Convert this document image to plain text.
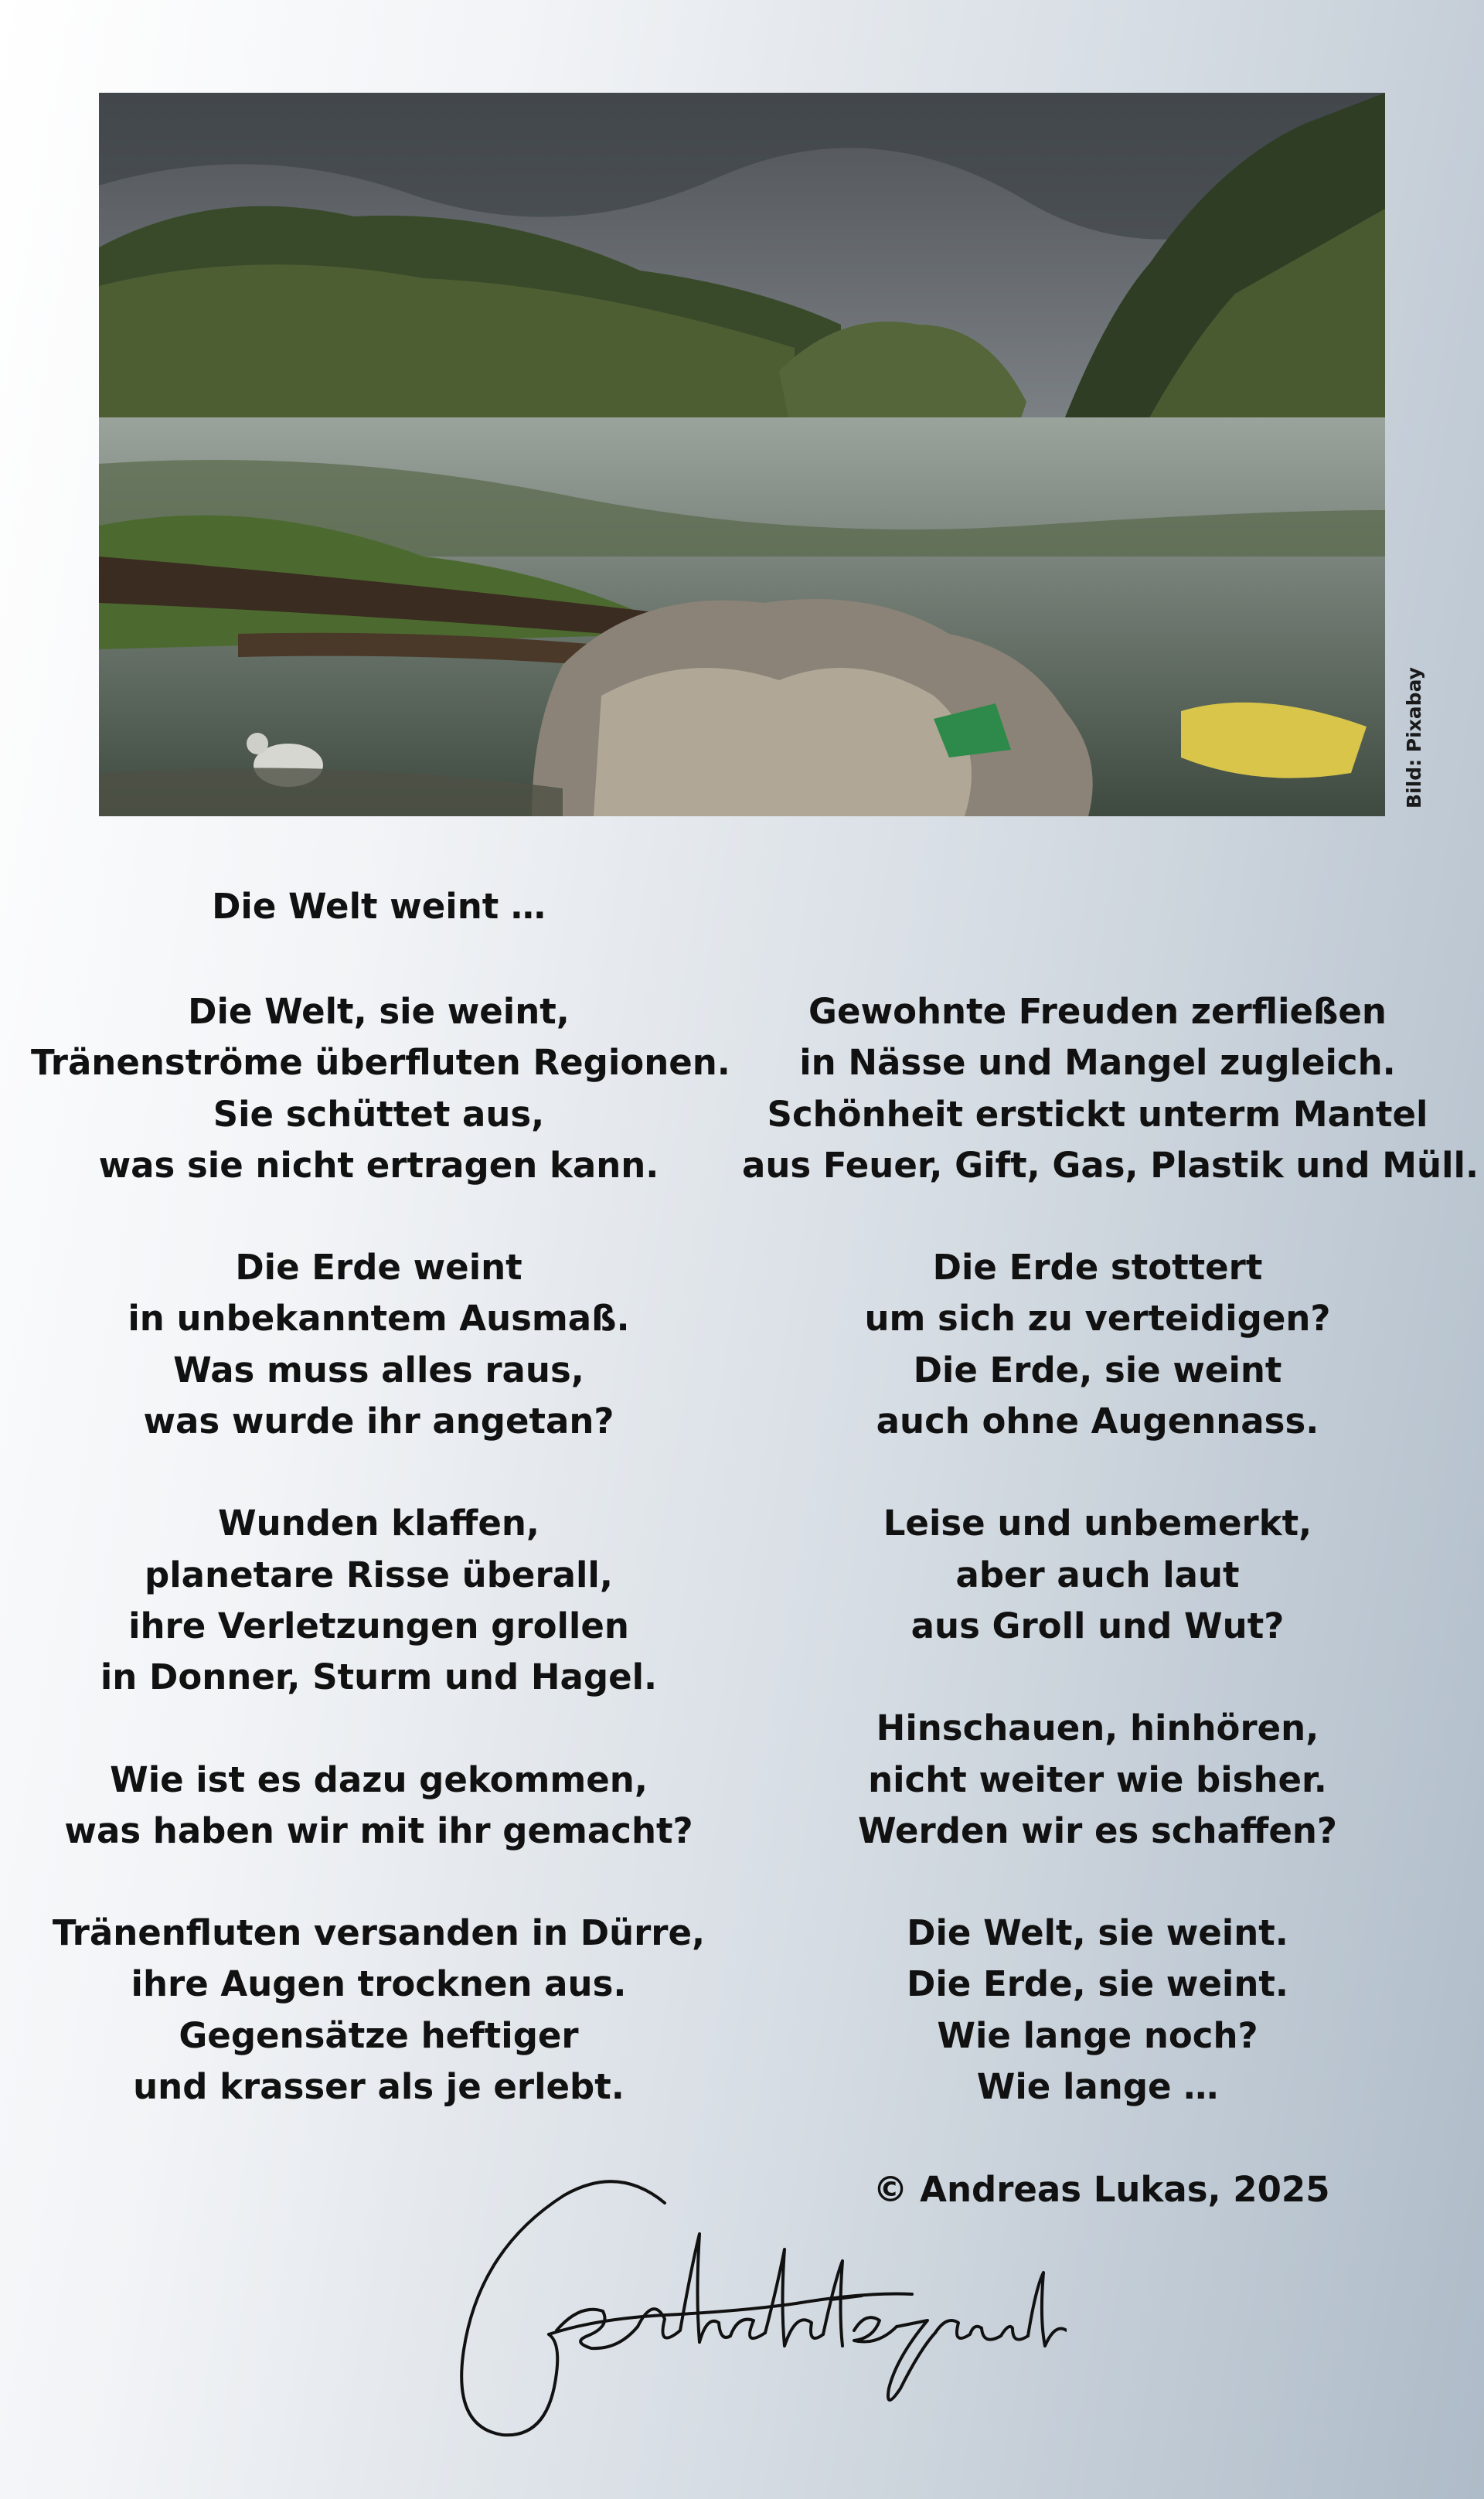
Bild: Pixabay
Die Welt weint …
Die Welt, sie weint,
Tränenströme überfluten Regionen.
Sie schüttet aus,
was sie nicht ertragen kann.
Die Erde weint
in unbekanntem Ausmaß.
Was muss alles raus,
was wurde ihr angetan?
Wunden klaffen,
planetare Risse überall,
ihre Verletzungen grollen
in Donner, Sturm und Hagel.
Wie ist es dazu gekommen,
was haben wir mit ihr gemacht?
Tränenfluten versanden in Dürre,
ihre Augen trocknen aus.
Gegensätze heftiger
und krasser als je erlebt.
Gewohnte Freuden zerfließen
in Nässe und Mangel zugleich.
Schönheit erstickt unterm Mantel
aus Feuer, Gift, Gas, Plastik und Müll.
Die Erde stottert
um sich zu verteidigen?
Die Erde, sie weint
auch ohne Augennass.
Leise und unbemerkt,
aber auch laut
aus Groll und Wut?
Hinschauen, hinhören,
nicht weiter wie bisher.
Werden wir es schaffen?
Die Welt, sie weint.
Die Erde, sie weint.
Wie lange noch?
Wie lange …
© Andreas Lukas, 2025
